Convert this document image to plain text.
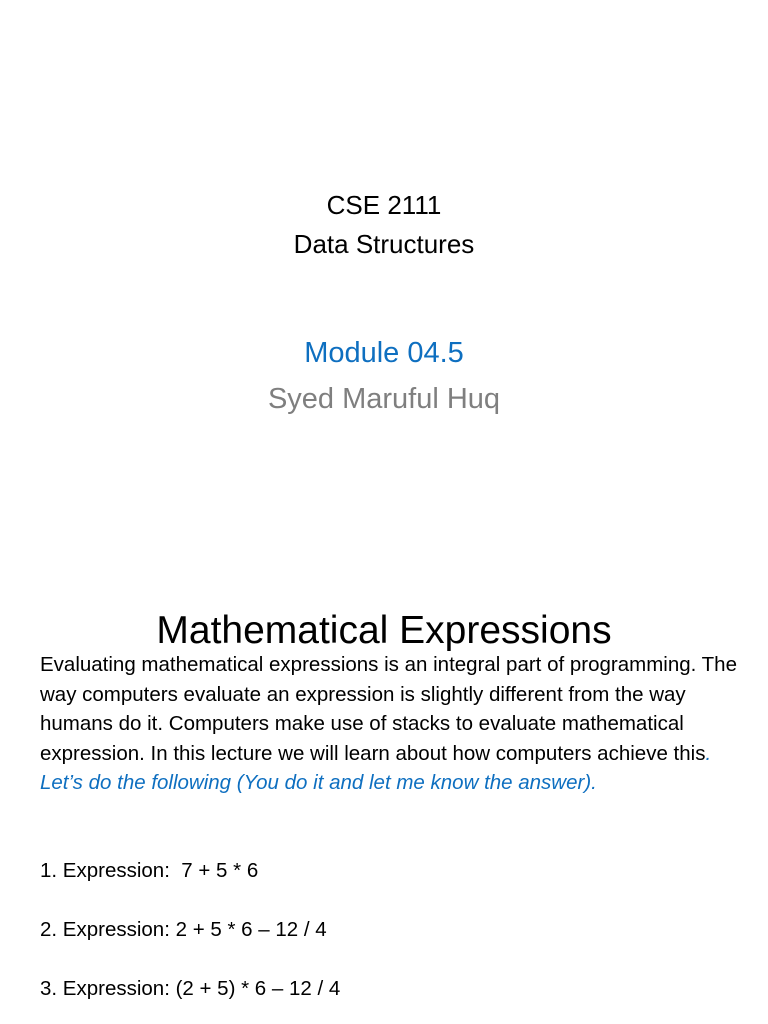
CSE 2111
Data Structures
Module 04.5
Syed Maruful Huq
Mathematical Expressions

Evaluating mathematical expressions is an integral part of programming. The way computers evaluate an expression is slightly different from the way humans do it. Computers make use of stacks to evaluate mathematical expression. In this lecture we will learn about how computers achieve this. Let’s do the following (You do it and let me know the answer).

1. Expression:  7 + 5 * 6
2. Expression: 2 + 5 * 6 – 12 / 4
3. Expression: (2 + 5) * 6 – 12 / 4
